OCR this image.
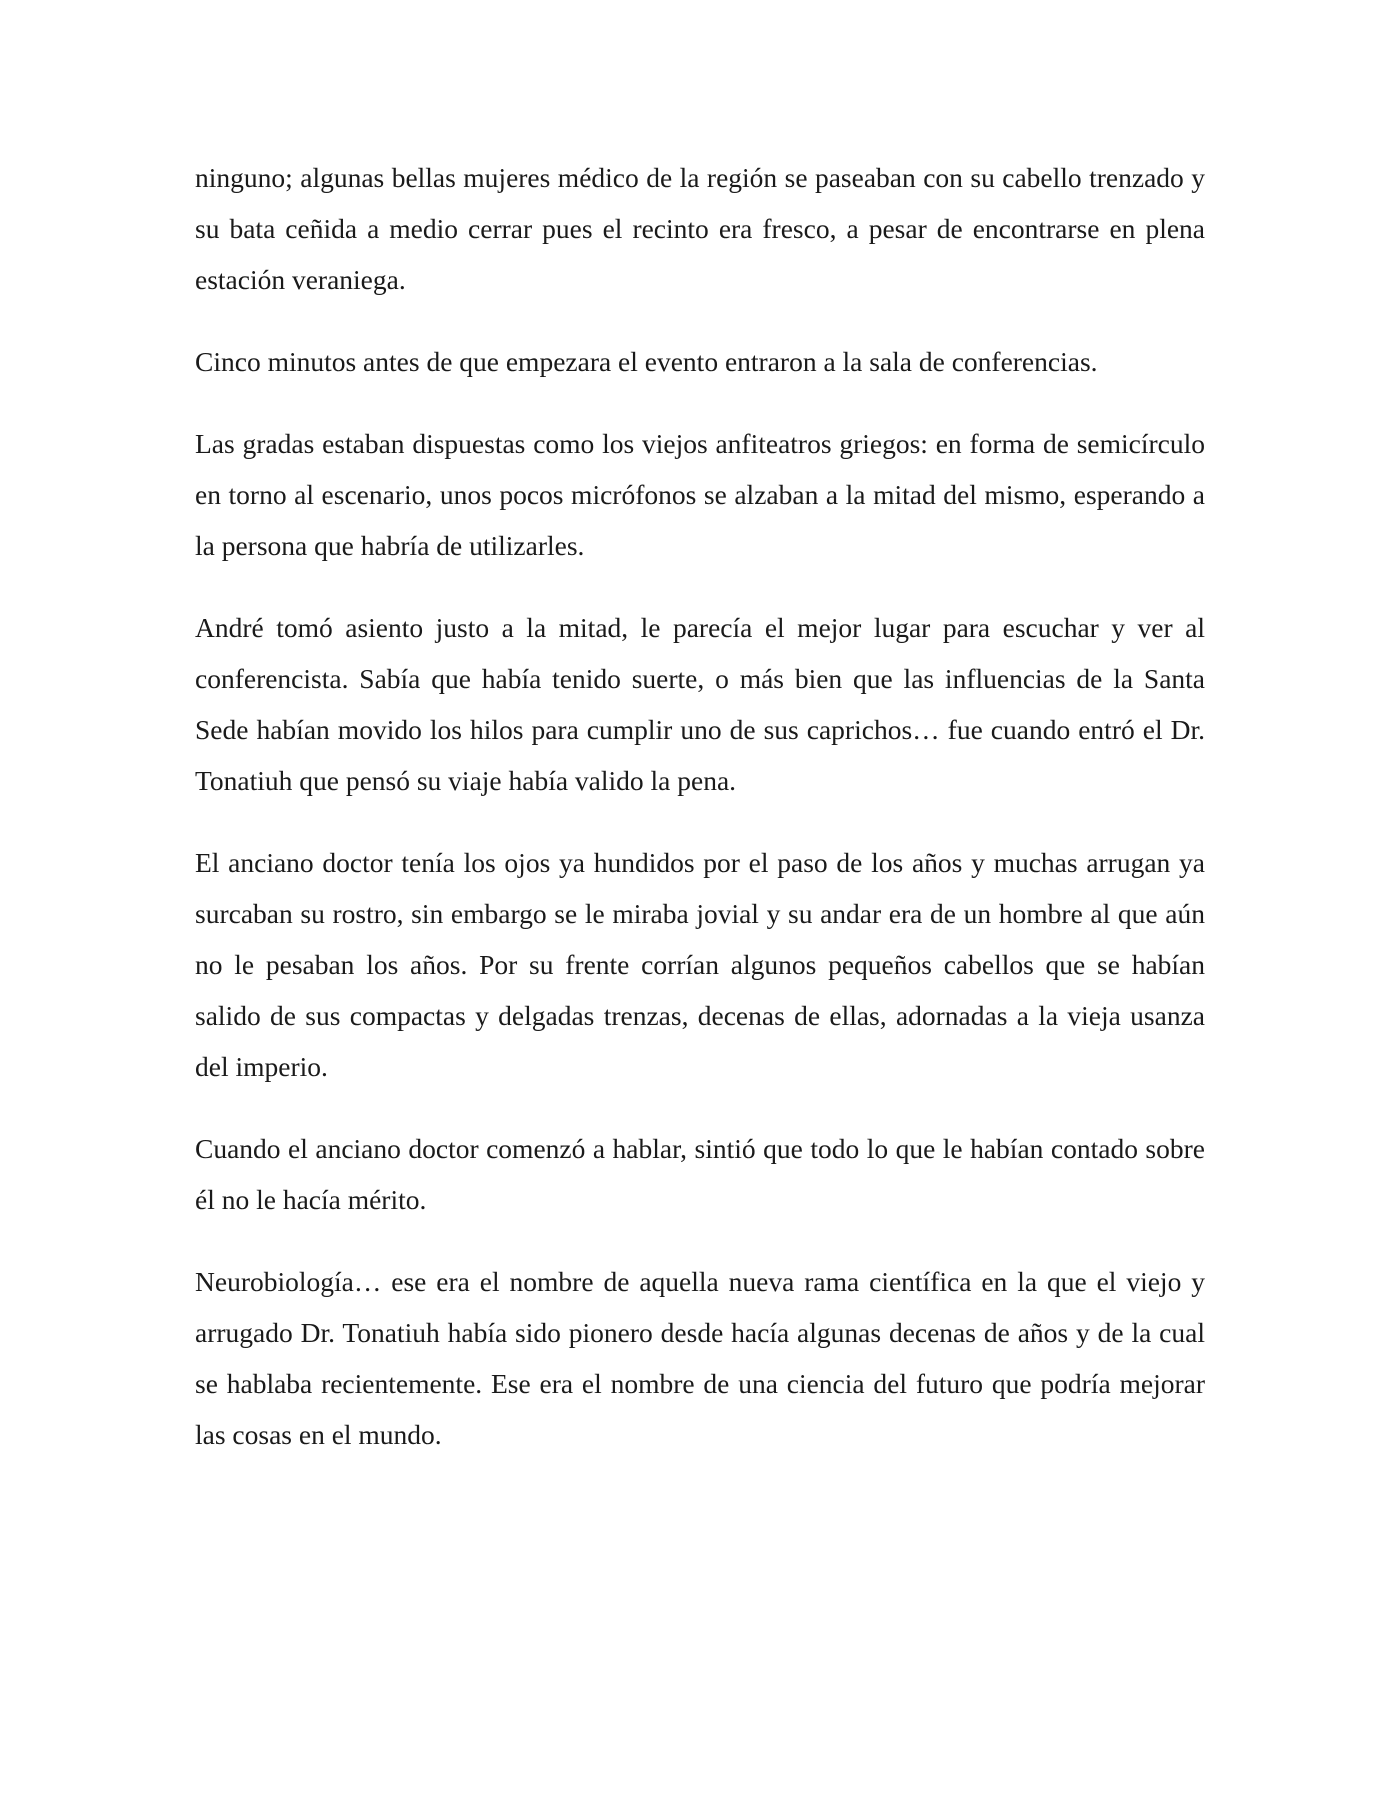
ninguno; algunas bellas mujeres médico de la región se paseaban con su cabello trenzado y su bata ceñida a medio cerrar pues el recinto era fresco, a pesar de encontrarse en plena estación veraniega.

Cinco minutos antes de que empezara el evento entraron a la sala de conferencias.

Las gradas estaban dispuestas como los viejos anfiteatros griegos: en forma de semicírculo en torno al escenario, unos pocos micrófonos se alzaban a la mitad del mismo, esperando a la persona que habría de utilizarles.

André tomó asiento justo a la mitad, le parecía el mejor lugar para escuchar y ver al conferencista. Sabía que había tenido suerte, o más bien que las influencias de la Santa Sede habían movido los hilos para cumplir uno de sus caprichos… fue cuando entró el Dr. Tonatiuh que pensó su viaje había valido la pena.

El anciano doctor tenía los ojos ya hundidos por el paso de los años y muchas arrugan ya surcaban su rostro, sin embargo se le miraba jovial y su andar era de un hombre al que aún no le pesaban los años. Por su frente corrían algunos pequeños cabellos que se habían salido de sus compactas y delgadas trenzas, decenas de ellas, adornadas a la vieja usanza del imperio.

Cuando el anciano doctor comenzó a hablar, sintió que todo lo que le habían contado sobre él no le hacía mérito.

Neurobiología… ese era el nombre de aquella nueva rama científica en la que el viejo y arrugado Dr. Tonatiuh había sido pionero desde hacía algunas decenas de años y de la cual se hablaba recientemente. Ese era el nombre de una ciencia del futuro que podría mejorar las cosas en el mundo.
